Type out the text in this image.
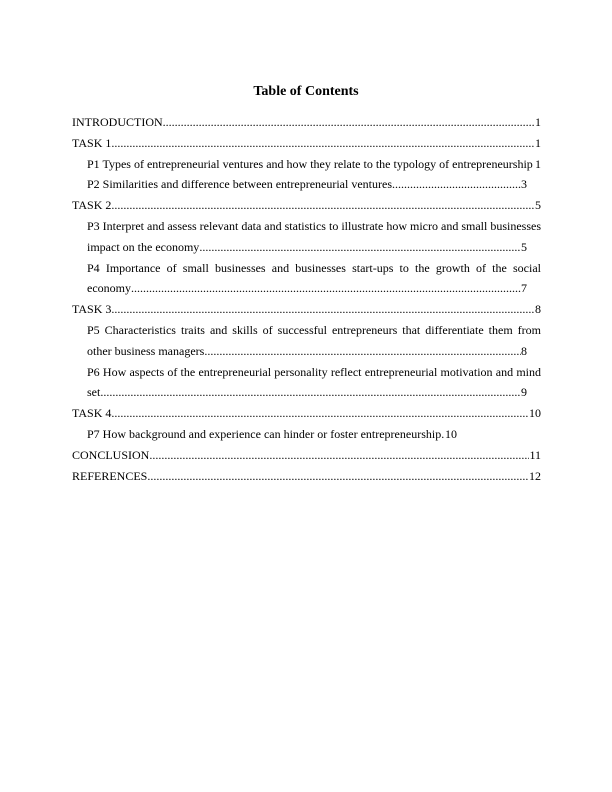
Table of Contents
INTRODUCTION .....	1
TASK 1 .....	1
P1 Types of entrepreneurial ventures and how they relate to the typology of entrepreneurship 1
P2 Similarities and difference between entrepreneurial ventures .....	3
TASK 2 .....	5
P3 Interpret and assess relevant data and statistics to illustrate how micro and small businesses
impact on the economy .....	5
P4 Importance of small businesses and businesses start-ups to the growth of the social
economy .....	7
TASK 3 .....	8
P5 Characteristics traits and skills of successful entrepreneurs that differentiate them from
other business managers .....	8
P6 How aspects of the entrepreneurial personality reflect entrepreneurial motivation and mind
set .....	9
TASK 4 .....	10
P7 How background and experience can hinder or foster entrepreneurship ..... 10
CONCLUSION .....	11
REFERENCES .....	12
